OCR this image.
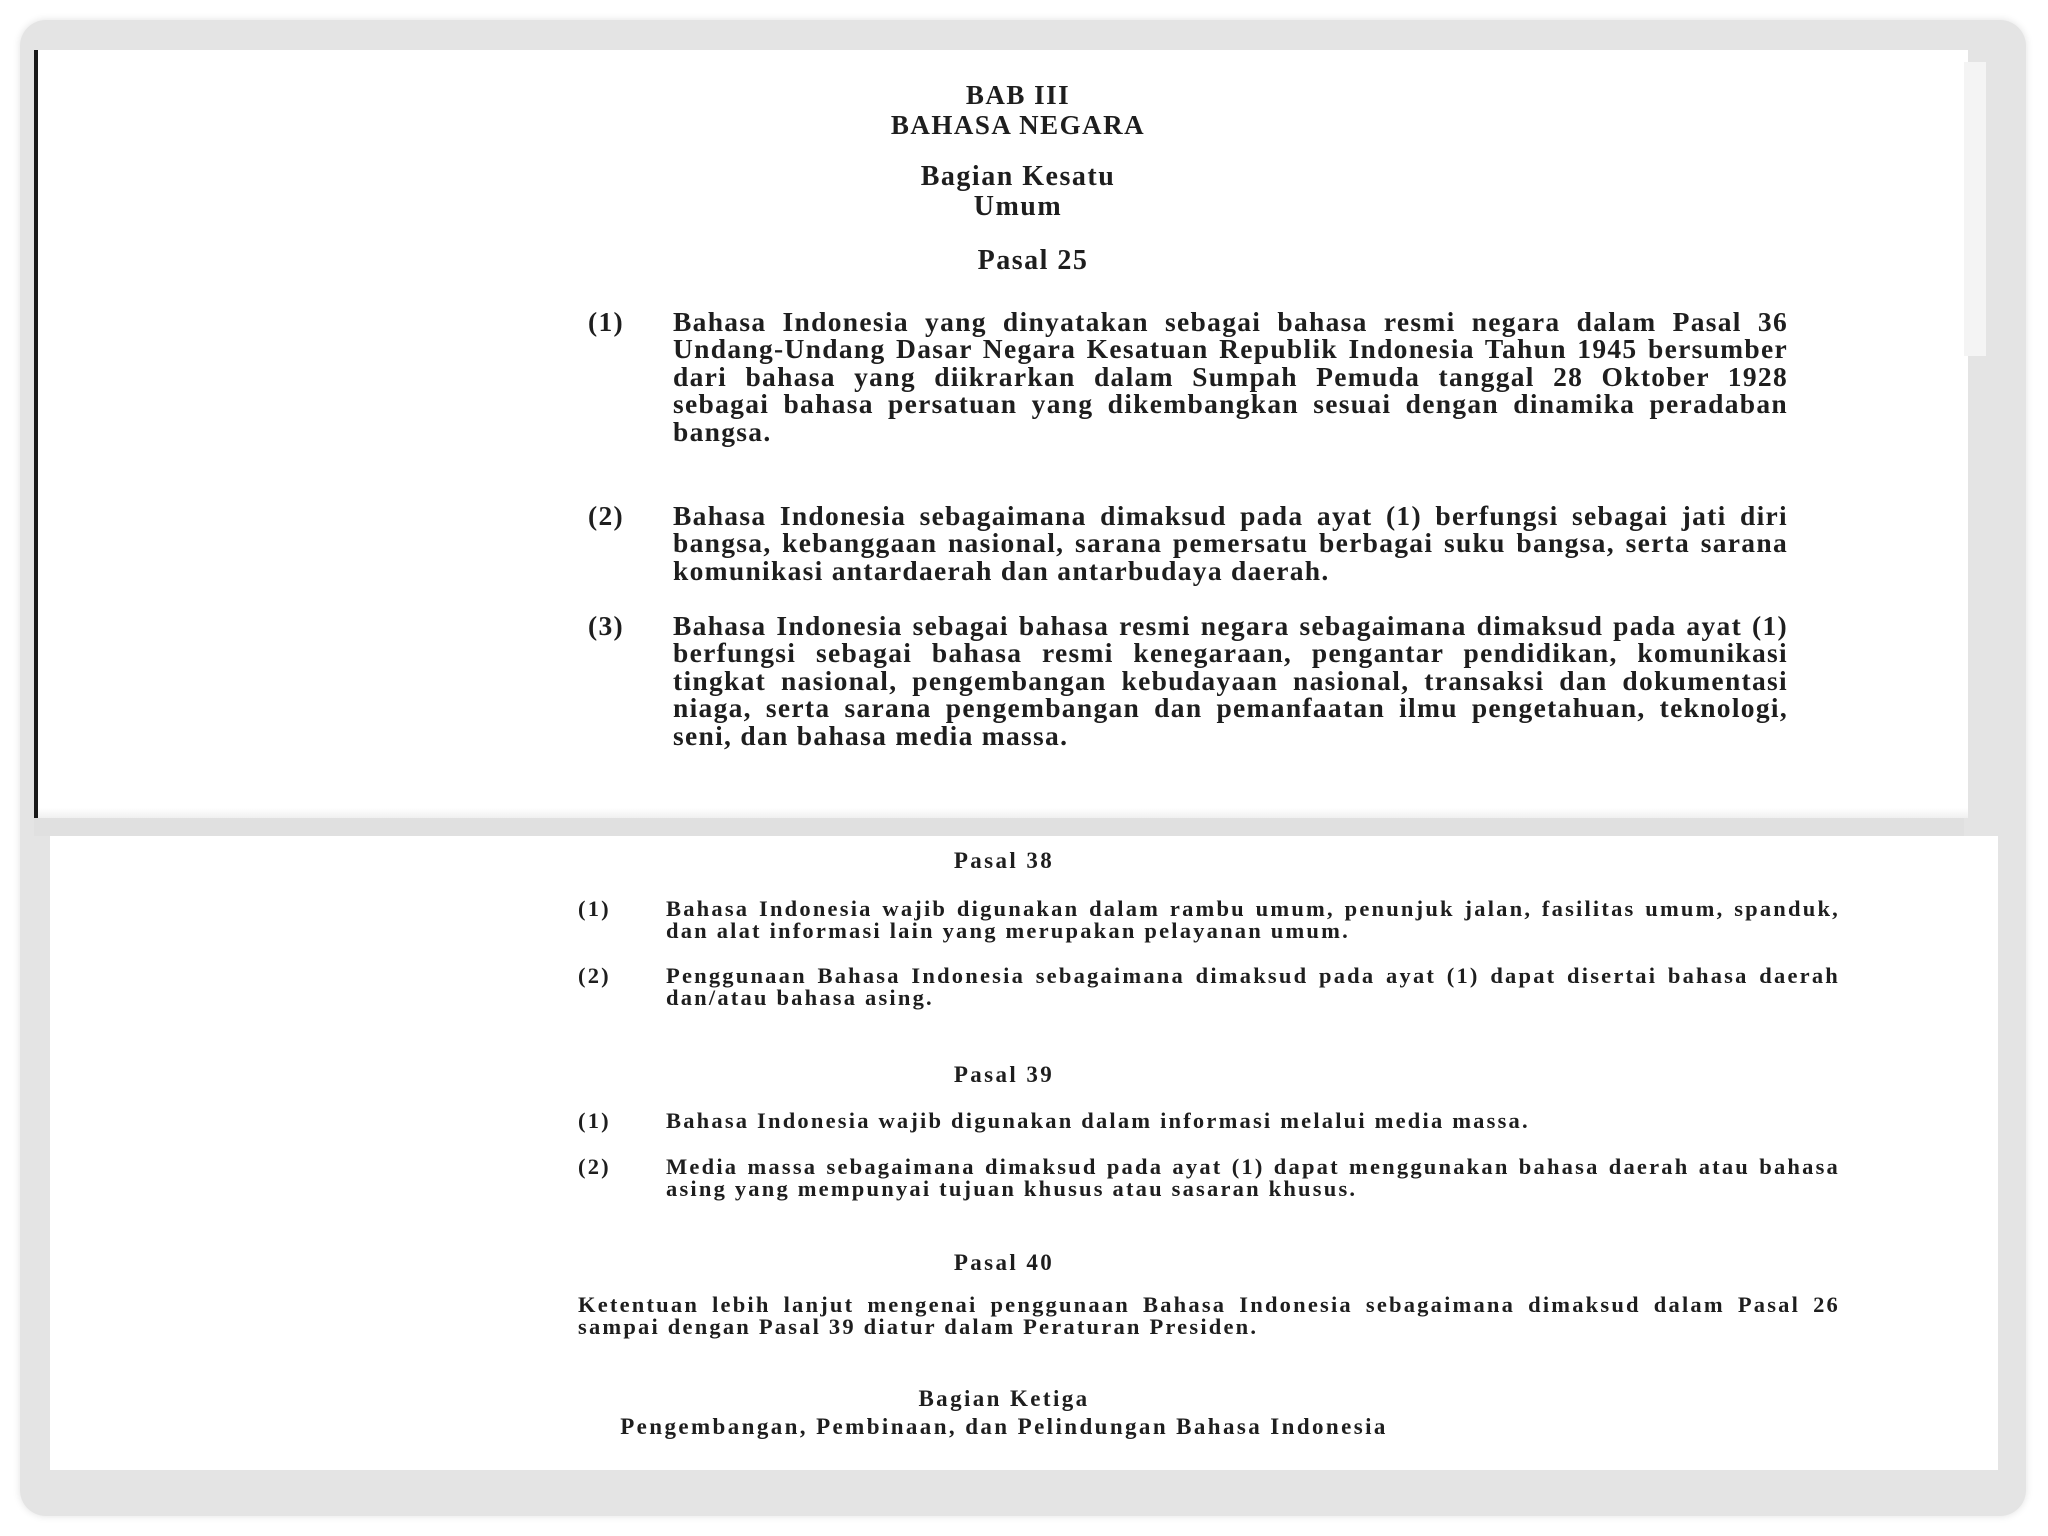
BAB III
BAHASA NEGARA
Bagian Kesatu
Umum
Pasal 25
(1)	Bahasa Indonesia yang dinyatakan sebagai bahasa resmi negara dalam Pasal 36 Undang-Undang Dasar Negara Kesatuan Republik Indonesia Tahun 1945 bersumber dari bahasa yang diikrarkan dalam Sumpah Pemuda tanggal 28 Oktober 1928 sebagai bahasa persatuan yang dikembangkan sesuai dengan dinamika peradaban bangsa.
(2)	Bahasa Indonesia sebagaimana dimaksud pada ayat (1) berfungsi sebagai jati diri bangsa, kebanggaan nasional, sarana pemersatu berbagai suku bangsa, serta sarana komunikasi antardaerah dan antarbudaya daerah.
(3)	Bahasa Indonesia sebagai bahasa resmi negara sebagaimana dimaksud pada ayat (1) berfungsi sebagai bahasa resmi kenegaraan, pengantar pendidikan, komunikasi tingkat nasional, pengembangan kebudayaan nasional, transaksi dan dokumentasi niaga, serta sarana pengembangan dan pemanfaatan ilmu pengetahuan, teknologi, seni, dan bahasa media massa.
Pasal 38
(1)	Bahasa Indonesia wajib digunakan dalam rambu umum, penunjuk jalan, fasilitas umum, spanduk, dan alat informasi lain yang merupakan pelayanan umum.
(2)	Penggunaan Bahasa Indonesia sebagaimana dimaksud pada ayat (1) dapat disertai bahasa daerah dan/atau bahasa asing.
Pasal 39
(1)	Bahasa Indonesia wajib digunakan dalam informasi melalui media massa.
(2)	Media massa sebagaimana dimaksud pada ayat (1) dapat menggunakan bahasa daerah atau bahasa asing yang mempunyai tujuan khusus atau sasaran khusus.
Pasal 40
Ketentuan lebih lanjut mengenai penggunaan Bahasa Indonesia sebagaimana dimaksud dalam Pasal 26 sampai dengan Pasal 39 diatur dalam Peraturan Presiden.
Bagian Ketiga
Pengembangan, Pembinaan, dan Pelindungan Bahasa Indonesia
